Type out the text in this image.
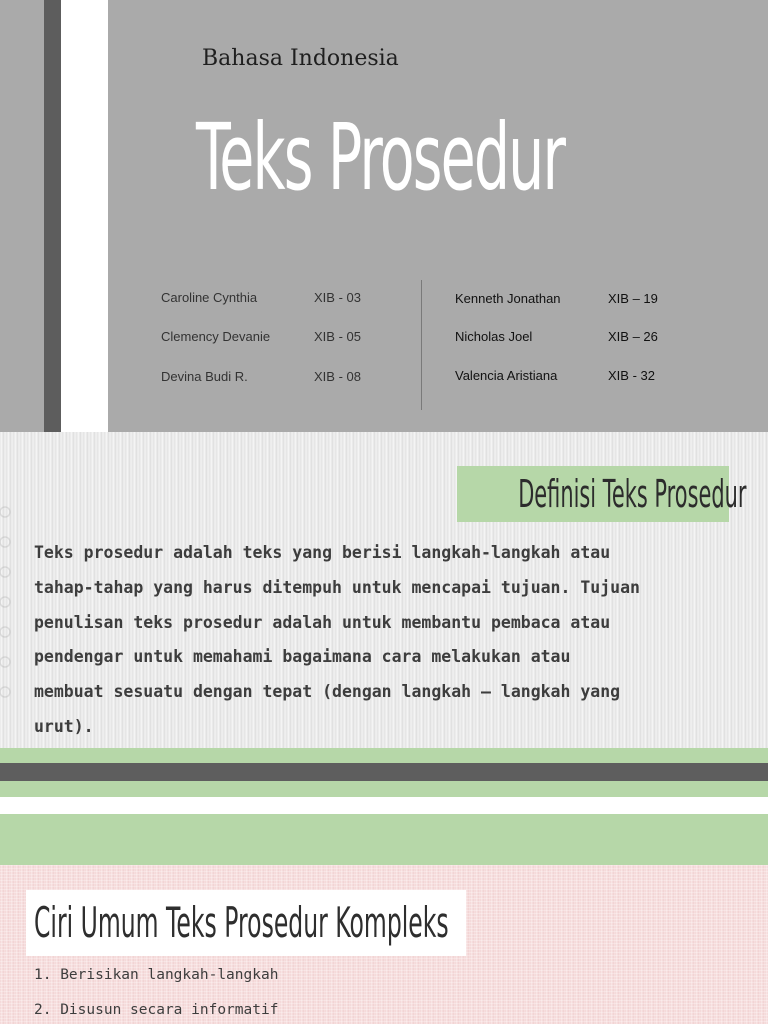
Bahasa Indonesia
Teks Prosedur
Caroline Cynthia	XIB - 03
Clemency Devanie	XIB - 05
Devina Budi R.	XIB - 08
Kenneth Jonathan	XIB – 19
Nicholas Joel	XIB – 26
Valencia Aristiana	XIB - 32
Definisi Teks Prosedur
Teks prosedur adalah teks yang berisi langkah-langkah atau
tahap-tahap yang harus ditempuh untuk mencapai tujuan. Tujuan
penulisan teks prosedur adalah untuk membantu pembaca atau
pendengar untuk memahami bagaimana cara melakukan atau
membuat sesuatu dengan tepat (dengan langkah – langkah yang
urut).
Ciri Umum Teks Prosedur Kompleks
1. Berisikan langkah-langkah
2. Disusun secara informatif
